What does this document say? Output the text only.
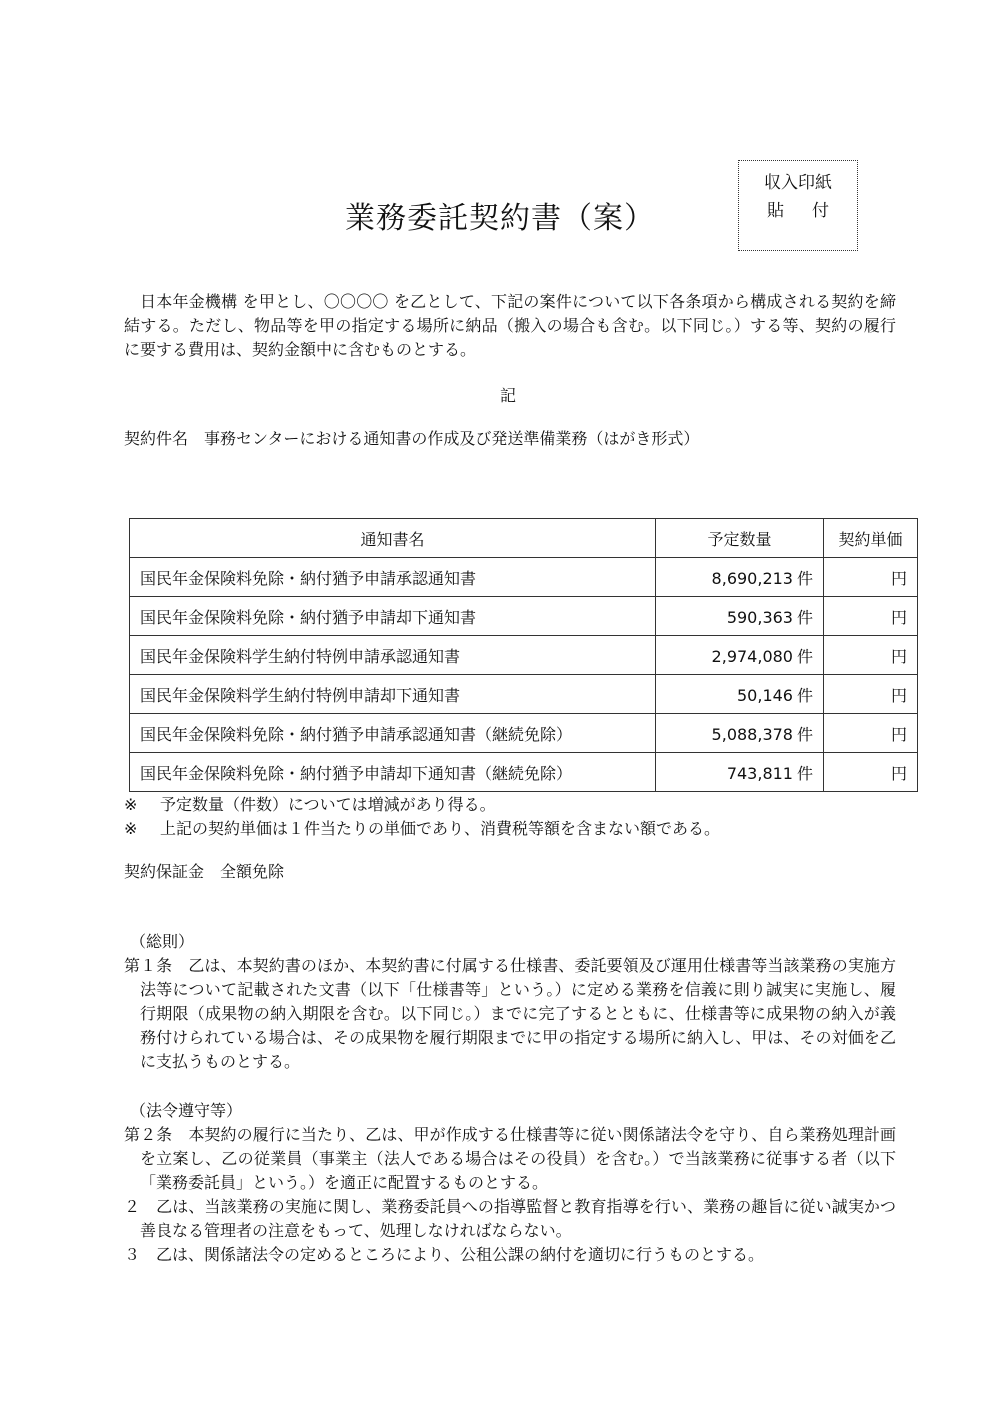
収入印紙
貼付
業務委託契約書（案）

日本年金機構 を甲とし、〇〇〇〇 を乙として、下記の案件について以下各条項から構成される契約を締結する。ただし、物品等を甲の指定する場所に納品（搬入の場合も含む。以下同じ。）する等、契約の履行に要する費用は、契約金額中に含むものとする。

記
契約件名 事務センターにおける通知書の作成及び発送準備業務（はがき形式）
通知書名	予定数量	契約単価
国民年金保険料免除・納付猶予申請承認通知書	8,690,213 件	円
国民年金保険料免除・納付猶予申請却下通知書	590,363 件	円
国民年金保険料学生納付特例申請承認通知書	2,974,080 件	円
国民年金保険料学生納付特例申請却下通知書	50,146 件	円
国民年金保険料免除・納付猶予申請承認通知書（継続免除）	5,088,378 件	円
国民年金保険料免除・納付猶予申請却下通知書（継続免除）	743,811 件	円
※ 予定数量（件数）については増減があり得る。
※ 上記の契約単価は１件当たりの単価であり、消費税等額を含まない額である。
契約保証金 全額免除

（総則）

第１条　乙は、本契約書のほか、本契約書に付属する仕様書、委託要領及び運用仕様書等当該業務の実施方法等について記載された文書（以下「仕様書等」という。）に定める業務を信義に則り誠実に実施し、履行期限（成果物の納入期限を含む。以下同じ。）までに完了するとともに、仕様書等に成果物の納入が義務付けられている場合は、その成果物を履行期限までに甲の指定する場所に納入し、甲は、その対価を乙に支払うものとする。

（法令遵守等）

第２条　本契約の履行に当たり、乙は、甲が作成する仕様書等に従い関係諸法令を守り、自ら業務処理計画を立案し、乙の従業員（事業主（法人である場合はその役員）を含む。）で当該業務に従事する者（以下「業務委託員」という。）を適正に配置するものとする。

２　乙は、当該業務の実施に関し、業務委託員への指導監督と教育指導を行い、業務の趣旨に従い誠実かつ善良なる管理者の注意をもって、処理しなければならない。

３　乙は、関係諸法令の定めるところにより、公租公課の納付を適切に行うものとする。
